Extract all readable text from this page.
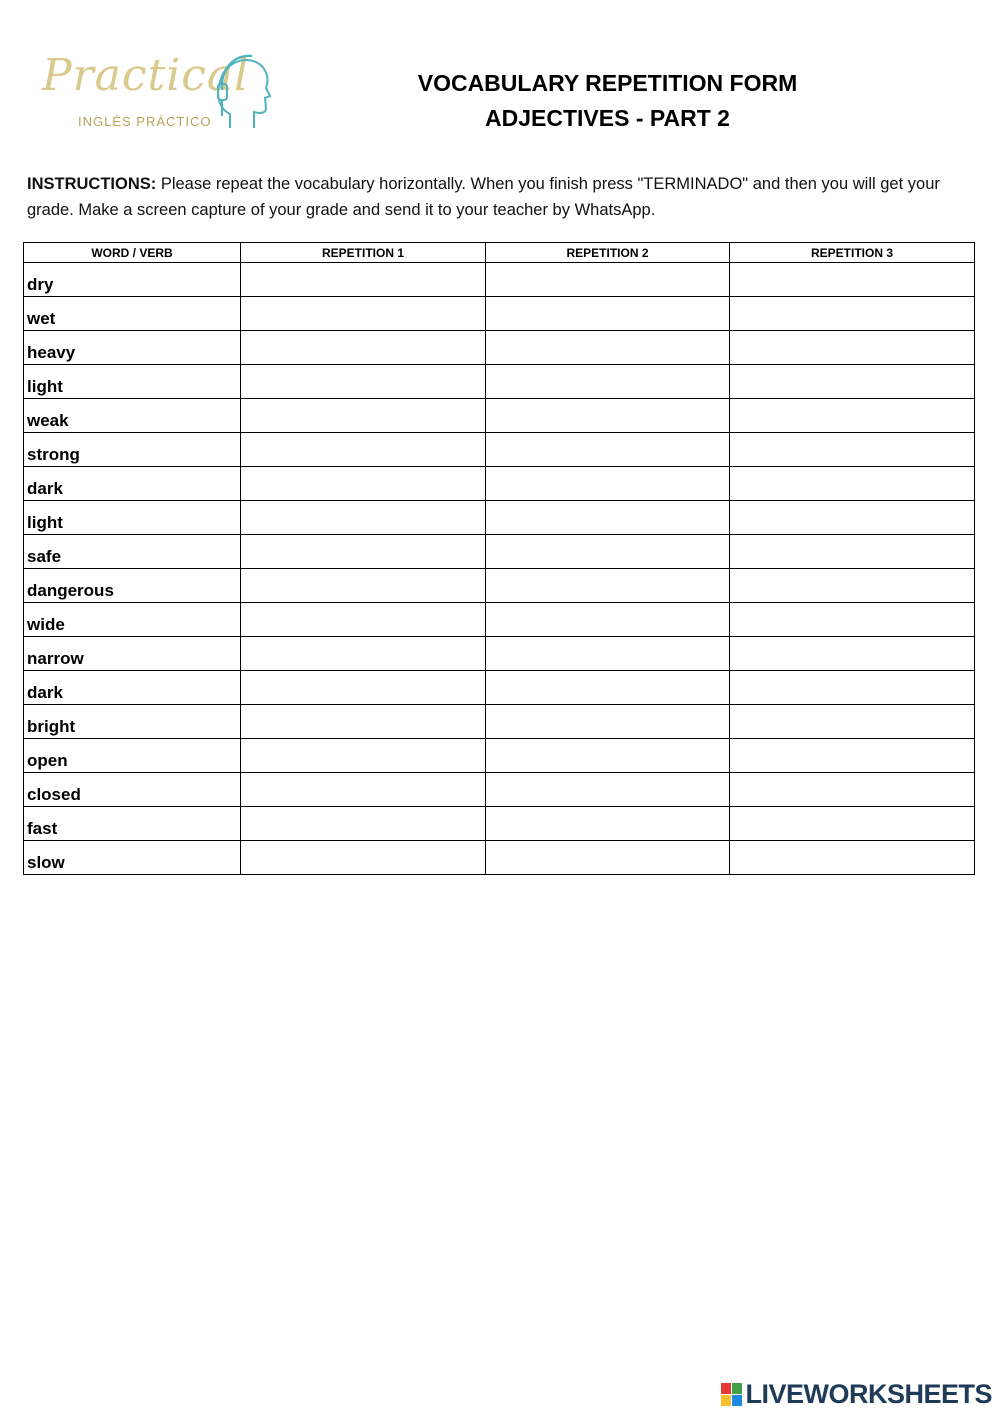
Practical
INGLÉS PRÁCTICO
VOCABULARY REPETITION FORM
ADJECTIVES - PART 2
INSTRUCTIONS: Please repeat the vocabulary horizontally. When you finish press "TERMINADO" and then you will get your grade. Make a screen capture of your grade and send it to your teacher by WhatsApp.
WORD / VERB	REPETITION 1	REPETITION 2	REPETITION 3
dry			
wet			
heavy			
light			
weak			
strong			
dark			
light			
safe			
dangerous			
wide			
narrow			
dark			
bright			
open			
closed			
fast			
slow			
LIVEWORKSHEETS
